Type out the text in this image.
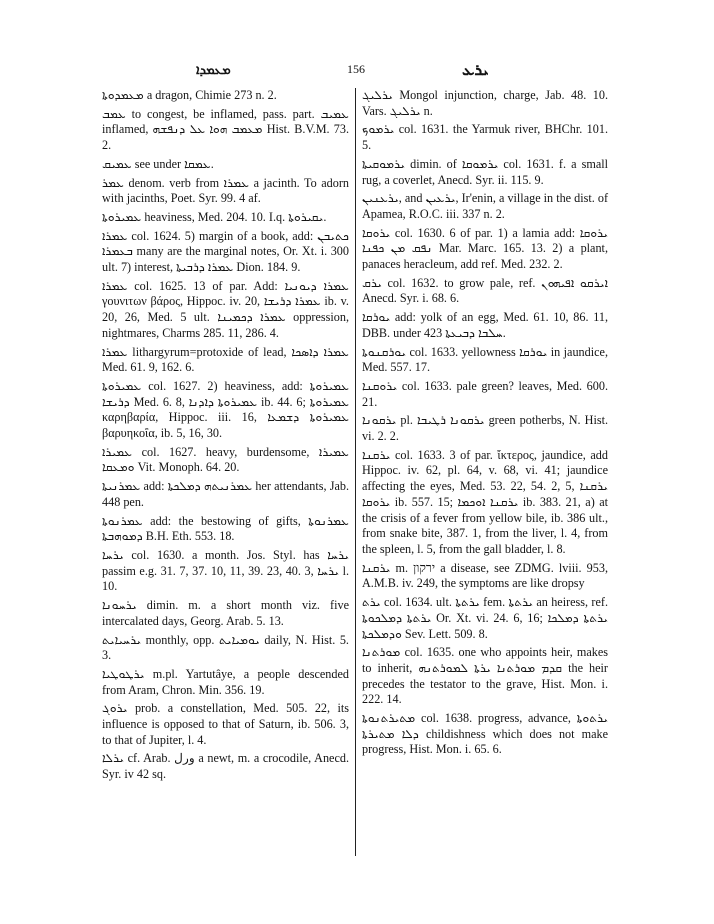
ܡܥܡܕܐ	156	ܝܪܥ

ܡܥܡܕܘܬܐ a dragon, Chimie 273 n. 2.

ܥܡܒ to congest, be inflamed, pass. part. ܥܡܝܒ inflamed, ܡܥܡܒ ܗܘܐ ܥܠ ܕܢܦܫܗ Hist. B.V.M. 73. 2.

ܥܡܝܩ see under ܥܡܩܐ.

ܥܡܪ denom. verb from ܥܡܪܐ a jacinth. To adorn with jacinths, Poet. Syr. 99. 4 af.

ܥܡܝܪܘܬܐ heaviness, Med. 204. 10. I.q. ܝܩܝܪܘܬܐ.

ܥܡܪܐ col. 1624. 5) margin of a book, add: ܟܬܝܒܢ ܒܥܡܪܐ many are the marginal notes, Or. Xt. i. 300 ult. 7) interest, ܥܡܪܐ ܕܪܒܝܬܐ Dion. 184. 9.

ܥܡܪܐ col. 1625. 13 of par. Add: ܥܡܪܐ ܕܝܘܢܝܐ γουνιτων βάρος, Hippoc. iv. 20, ܥܡܪܐ ܕܪܝܫܐ ib. v. 20, 26, Med. 5 ult. ܥܡܪܐ ܕܟܡܝܢܐ oppression, nightmares, Charms 285. 11, 286. 4.

ܥܡܪܐ lithargyrum=protoxide of lead, ܥܡܪܐ ܕܐܣܟܐ Med. 61. 9, 162. 6.

ܥܡܝܪܘܬܐ col. 1627. 2) heaviness, add: ܥܡܝܪܘܬܐ ܕܪܝܫܐ Med. 6. 8, ܥܡܝܪܘܬܐ ܕܐܕܢܐ ib. 44. 6; ܥܡܝܪܘܬܐ καρηβαρία, Hippoc. iii. 16, ܥܡܝܪܘܬܐ ܕܫܡܥܐ βαρυηκοΐα, ib. 5, 16, 30.

ܥܡܝܪܐ col. 1627. heavy, burdensome, ܥܡܝܪܐ ܘܡܥܩܐ Vit. Monoph. 64. 20.

ܥܡܪܢܝܬܐ add: ܥܡܪܢܝܬܗ ܕܡܠܟܬܐ her attendants, Jab. 448 pen.

ܥܡܪܢܘܬܐ add: the bestowing of gifts, ܥܡܪܢܘܬܐ ܕܡܘܗܒܬܐ B.H. Eth. 553. 18.

ܝܪܚܐ col. 1630. a month. Jos. Styl. has ܝܪܚܐ passim e.g. 31. 7, 37. 10, 11, 39. 23, 40. 3, ܝܪܚܐ l. 10.

ܝܪܚܘܢܐ dimin. m. a short month viz. five intercalated days, Georg. Arab. 5. 13.

ܝܪܚܝܐܝܬ monthly, opp. ܝܘܡܝܐܝܬ daily, N. Hist. 5. 3.

ܝܪܛܘܛܝܐ m.pl. Yartutâye, a people descended from Aram, Chron. Min. 356. 19.

ܝܪܘܓ prob. a constellation, Med. 505. 22, its influence is opposed to that of Saturn, ib. 506. 3, to that of Jupiter, l. 4.

ܝܪܠܐ cf. Arab. ورل a newt, m. a crocodile, Anecd. Syr. iv 42 sq.

ܝܪܠܝܓ Mongol injunction, charge, Jab. 48. 10. Vars. ܝܪܠܝܓ n.

ܝܪܡܘܟ col. 1631. the Yarmuk river, BHChr. 101. 5.

ܝܪܡܘܩܝܬܐ dimin. of ܝܪܡܘܩܐ col. 1631. f. a small rug, a coverlet, Anecd. Syr. ii. 115. 9.

ܝܪܥܢܝܢ, and ܝܪܥܝܢ, Ir'enin, a village in the dist. of Apamea, R.O.C. iii. 337 n. 2.

ܝܪܘܩܐ col. 1630. 6 of par. 1) a lamia add: ܝܪܘܩܐ ܢܦܩ ܡܢ ܟܦܢܐ Mar. Marc. 165. 13. 2) a plant, panaces heracleum, add ref. Med. 232. 2.

ܝܪܩ col. 1632. to grow pale, ref. ܐܝܪܩܘ ܐܦܝܗܘܢ Anecd. Syr. i. 68. 6.

ܝܘܪܩܐ add: yolk of an egg, Med. 61. 10, 86. 11, DBB. under ܚܠܒܐ ܕܒܝܥܬܐ 423.

ܝܘܪܩܢܘܬܐ col. 1633. yellowness ܝܘܪܩܐ in jaundice, Med. 557. 17.

ܝܪܘܩܢܐ col. 1633. pale green? leaves, Med. 600. 21.

ܝܪܩܘܢܐ pl. ܝܪܩܘܢܐ ܪܛܝܒܐ green potherbs, N. Hist. vi. 2. 2.

ܝܪܩܢܐ col. 1633. 3 of par. ἴκτερος, jaundice, add Hippoc. iv. 62, pl. 64, v. 68, vi. 41; jaundice affecting the eyes, Med. 53. 22, 54. 2, 5, ܝܪܩܢܐ ܝܪܘܩܐ ib. 557. 15; ܝܪܩܢܐ ܐܘܟܡܐ ib. 383. 21, a) at the crisis of a fever from yellow bile, ib. 386 ult., from snake bite, 387. 1, from the liver, l. 4, from the spleen, l. 5, from the gall bladder, l. 8.

ܝܪܩܢܐ m. ירקון a disease, see ZDMG. lviii. 953, A.M.B. iv. 249, the symptoms are like dropsy

ܝܪܬ col. 1634. ult. ܝܪܬܬܐ fem. ܝܪܬܬܐ an heiress, ref. ܝܪܬܬܐ ܕܡܠܟܘܬܐ Or. Xt. vi. 24. 6, 16; ܝܪܬܬܐ ܕܡܠܟܐ ܘܕܡܠܟܬܐ Sev. Lett. 509. 8.

ܡܘܪܬܢܐ col. 1635. one who appoints heir, makes to inherit, ܩܕܡ ܡܘܪܬܢܐ ܝܪܬܐ ܠܡܘܪܬܢܗ the heir precedes the testator to the grave, Hist. Mon. i. 222. 14.

ܡܬܝܪܬܢܘܬܐ col. 1638. progress, advance, ܝܪܬܘܬܐ ܕܠܐ ܡܬܝܪܬܐ childishness which does not make progress, Hist. Mon. i. 65. 6.
